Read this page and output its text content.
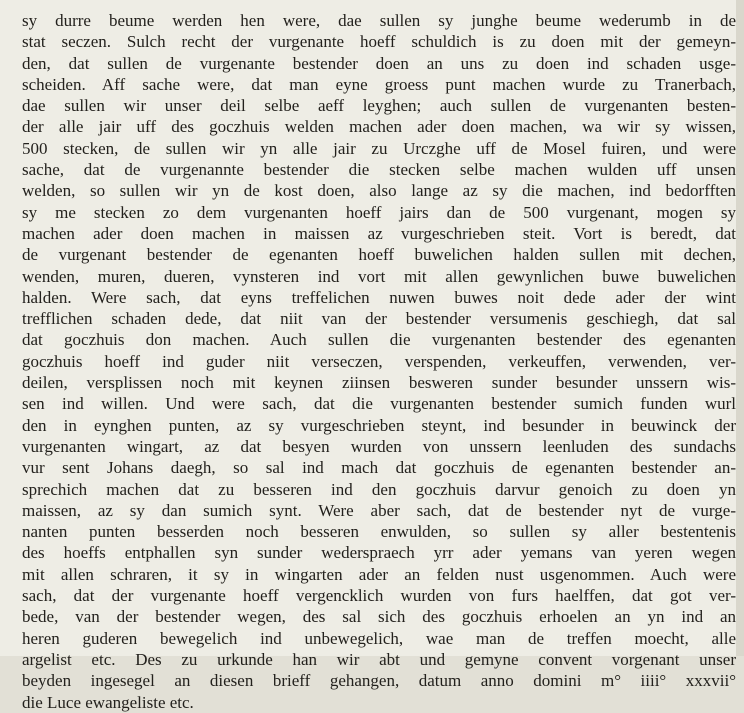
sy durre beume werden hen were, dae sullen sy junghe beume wederumb in de
stat seczen. Sulch recht der vurgenante hoeff schuldich is zu doen mit der gemeyn-
den, dat sullen de vurgenante bestender doen an uns zu doen ind schaden usge-
scheiden. Aff sache were, dat man eyne groess punt machen wurde zu Tranerbach,
dae sullen wir unser deil selbe aeff leyghen; auch sullen de vurgenanten besten-
der alle jair uff des goczhuis welden machen ader doen machen, wa wir sy wissen,
500 stecken, de sullen wir yn alle jair zu Urczghe uff de Mosel fuiren, und were
sache, dat de vurgenannte bestender die stecken selbe machen wulden uff unsen
welden, so sullen wir yn de kost doen, also lange az sy die machen, ind bedorfften
sy me stecken zo dem vurgenanten hoeff jairs dan de 500 vurgenant, mogen sy
machen ader doen machen in maissen az vurgeschrieben steit. Vort is beredt, dat
de vurgenant bestender de egenanten hoeff buwelichen halden sullen mit dechen,
wenden, muren, dueren, vynsteren ind vort mit allen gewynlichen buwe buwelichen
halden. Were sach, dat eyns treffelichen nuwen buwes noit dede ader der wint
trefflichen schaden dede, dat niit van der bestender versumenis geschiegh, dat sal
dat goczhuis don machen. Auch sullen die vurgenanten bestender des egenanten
goczhuis hoeff ind guder niit verseczen, verspenden, verkeuffen, verwenden, ver-
deilen, versplissen noch mit keynen ziinsen besweren sunder besunder unssern wis-
sen ind willen. Und were sach, dat die vurgenanten bestender sumich funden wurl
den in eynghen punten, az sy vurgeschrieben steynt, ind besunder in beuwinck der
vurgenanten wingart, az dat besyen wurden von unssern leenluden des sundachs
vur sent Johans daegh, so sal ind mach dat goczhuis de egenanten bestender an-
sprechich machen dat zu besseren ind den goczhuis darvur genoich zu doen yn
maissen, az sy dan sumich synt. Were aber sach, dat de bestender nyt de vurge-
nanten punten besserden noch besseren enwulden, so sullen sy aller bestentenis
des hoeffs entphallen syn sunder wedersprаech yrr ader yemans van yeren wegen
mit allen schraren, it sy in wingarten ader an felden nust usgenommen. Auch were
sach, dat der vurgenante hoeff vergencklich wurden von furs haelffen, dat got ver-
bede, van der bestender wegen, des sal sich des goczhuis erhoelen an yn ind an
heren guderen bewegelich ind unbewegelich, wae man de treffen moecht, alle
argelist etc. Des zu urkunde han wir abt und gemyne convent vorgenant unser
beyden ingesegel an diesen brieff gehangen, datum anno domini m° iiii° xxxvii°
die Luce ewangeliste etc.
